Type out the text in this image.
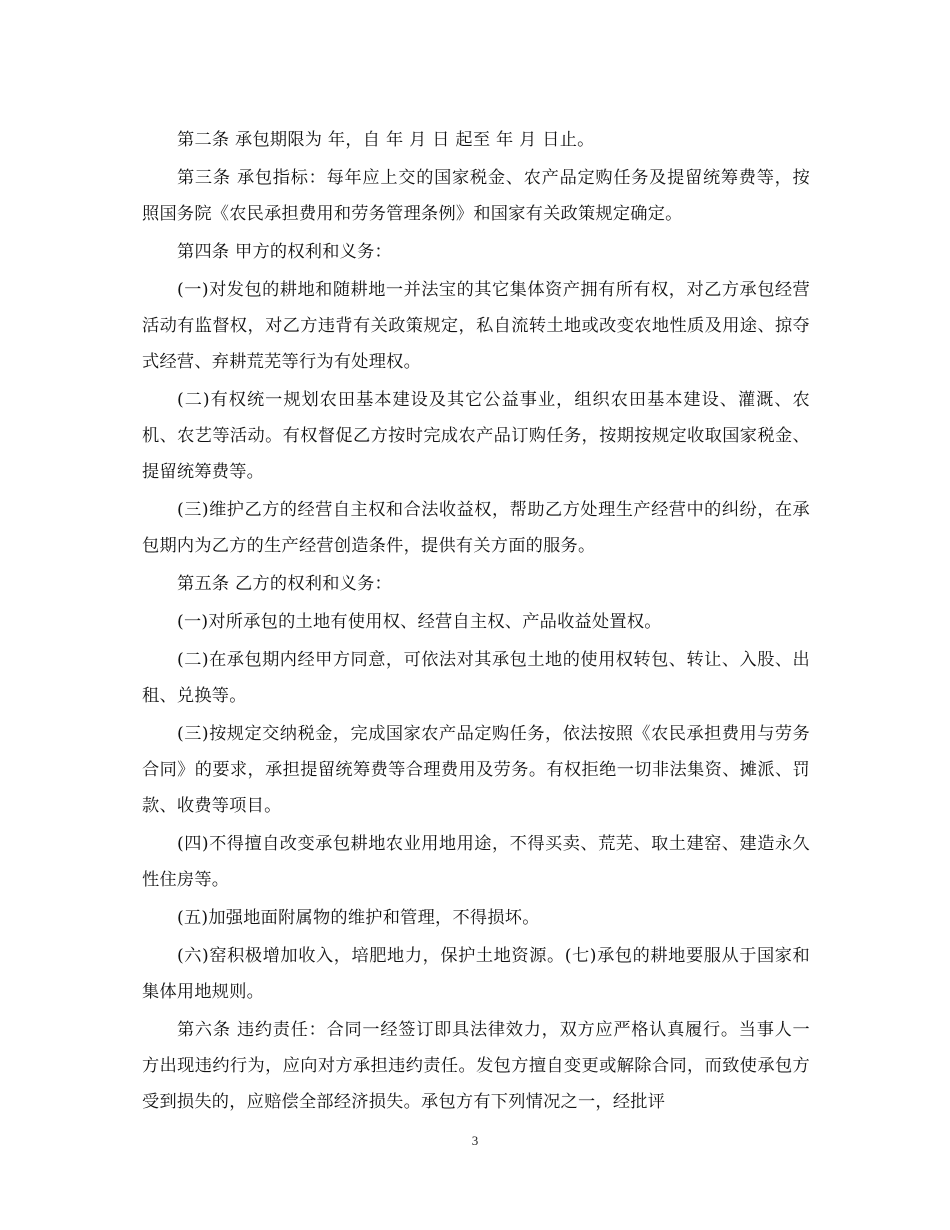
第二条 承包期限为 年，自 年 月 日 起至 年 月 日止。

第三条 承包指标：每年应上交的国家税金、农产品定购任务及提留统筹费等，按照国务院《农民承担费用和劳务管理条例》和国家有关政策规定确定。

第四条 甲方的权利和义务：

(一)对发包的耕地和随耕地一并法宝的其它集体资产拥有所有权，对乙方承包经营活动有监督权，对乙方违背有关政策规定，私自流转土地或改变农地性质及用途、掠夺式经营、弃耕荒芜等行为有处理权。

(二)有权统一规划农田基本建设及其它公益事业，组织农田基本建设、灌溉、农机、农艺等活动。有权督促乙方按时完成农产品订购任务，按期按规定收取国家税金、提留统筹费等。

(三)维护乙方的经营自主权和合法收益权，帮助乙方处理生产经营中的纠纷，在承包期内为乙方的生产经营创造条件，提供有关方面的服务。

第五条 乙方的权利和义务：

(一)对所承包的土地有使用权、经营自主权、产品收益处置权。

(二)在承包期内经甲方同意，可依法对其承包土地的使用权转包、转让、入股、出租、兑换等。

(三)按规定交纳税金，完成国家农产品定购任务，依法按照《农民承担费用与劳务合同》的要求，承担提留统筹费等合理费用及劳务。有权拒绝一切非法集资、摊派、罚款、收费等项目。

(四)不得擅自改变承包耕地农业用地用途，不得买卖、荒芜、取土建窑、建造永久性住房等。

(五)加强地面附属物的维护和管理，不得损坏。

(六)窑积极增加收入，培肥地力，保护土地资源。(七)承包的耕地要服从于国家和集体用地规则。

第六条 违约责任：合同一经签订即具法律效力，双方应严格认真履行。当事人一方出现违约行为，应向对方承担违约责任。发包方擅自变更或解除合同，而致使承包方受到损失的，应赔偿全部经济损失。承包方有下列情况之一，经批评

3
